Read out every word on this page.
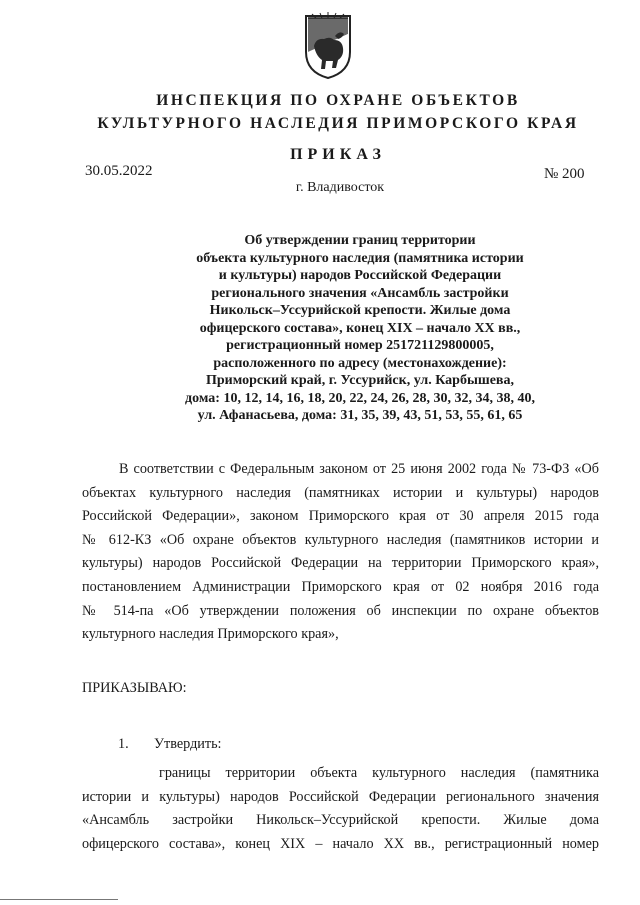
ИНСПЕКЦИЯ ПО ОХРАНЕ ОБЪЕКТОВ
КУЛЬТУРНОГО НАСЛЕДИЯ ПРИМОРСКОГО КРАЯ
ПРИКАЗ
30.05.2022	№ 200
г. Владивосток
Об утверждении границ территории
объекта культурного наследия (памятника истории
и культуры) народов Российской Федерации
регионального значения «Ансамбль застройки
Никольск–Уссурийской крепости. Жилые дома
офицерского состава», конец XIX – начало XX вв.,
регистрационный номер 251721129800005,
расположенного по адресу (местонахождение):
Приморский край, г. Уссурийск, ул. Карбышева,
дома: 10, 12, 14, 16, 18, 20, 22, 24, 26, 28, 30, 32, 34, 38, 40,
ул. Афанасьева, дома: 31, 35, 39, 43, 51, 53, 55, 61, 65
В соответствии с Федеральным законом от 25 июня 2002 года № 73-ФЗ «Об
объектах культурного наследия (памятниках истории и культуры) народов
Российской Федерации», законом Приморского края от 30 апреля 2015 года
№ 612-КЗ «Об охране объектов культурного наследия (памятников истории и
культуры) народов Российской Федерации на территории Приморского края»,
постановлением Администрации Приморского края от 02 ноября 2016 года
№ 514-па «Об утверждении положения об инспекции по охране объектов
культурного наследия Приморского края»,
ПРИКАЗЫВАЮ:
1. Утвердить:
границы территории объекта культурного наследия (памятника
истории и культуры) народов Российской Федерации регионального значения
«Ансамбль застройки Никольск–Уссурийской крепости. Жилые дома
офицерского состава», конец XIX – начало XX вв., регистрационный номер
